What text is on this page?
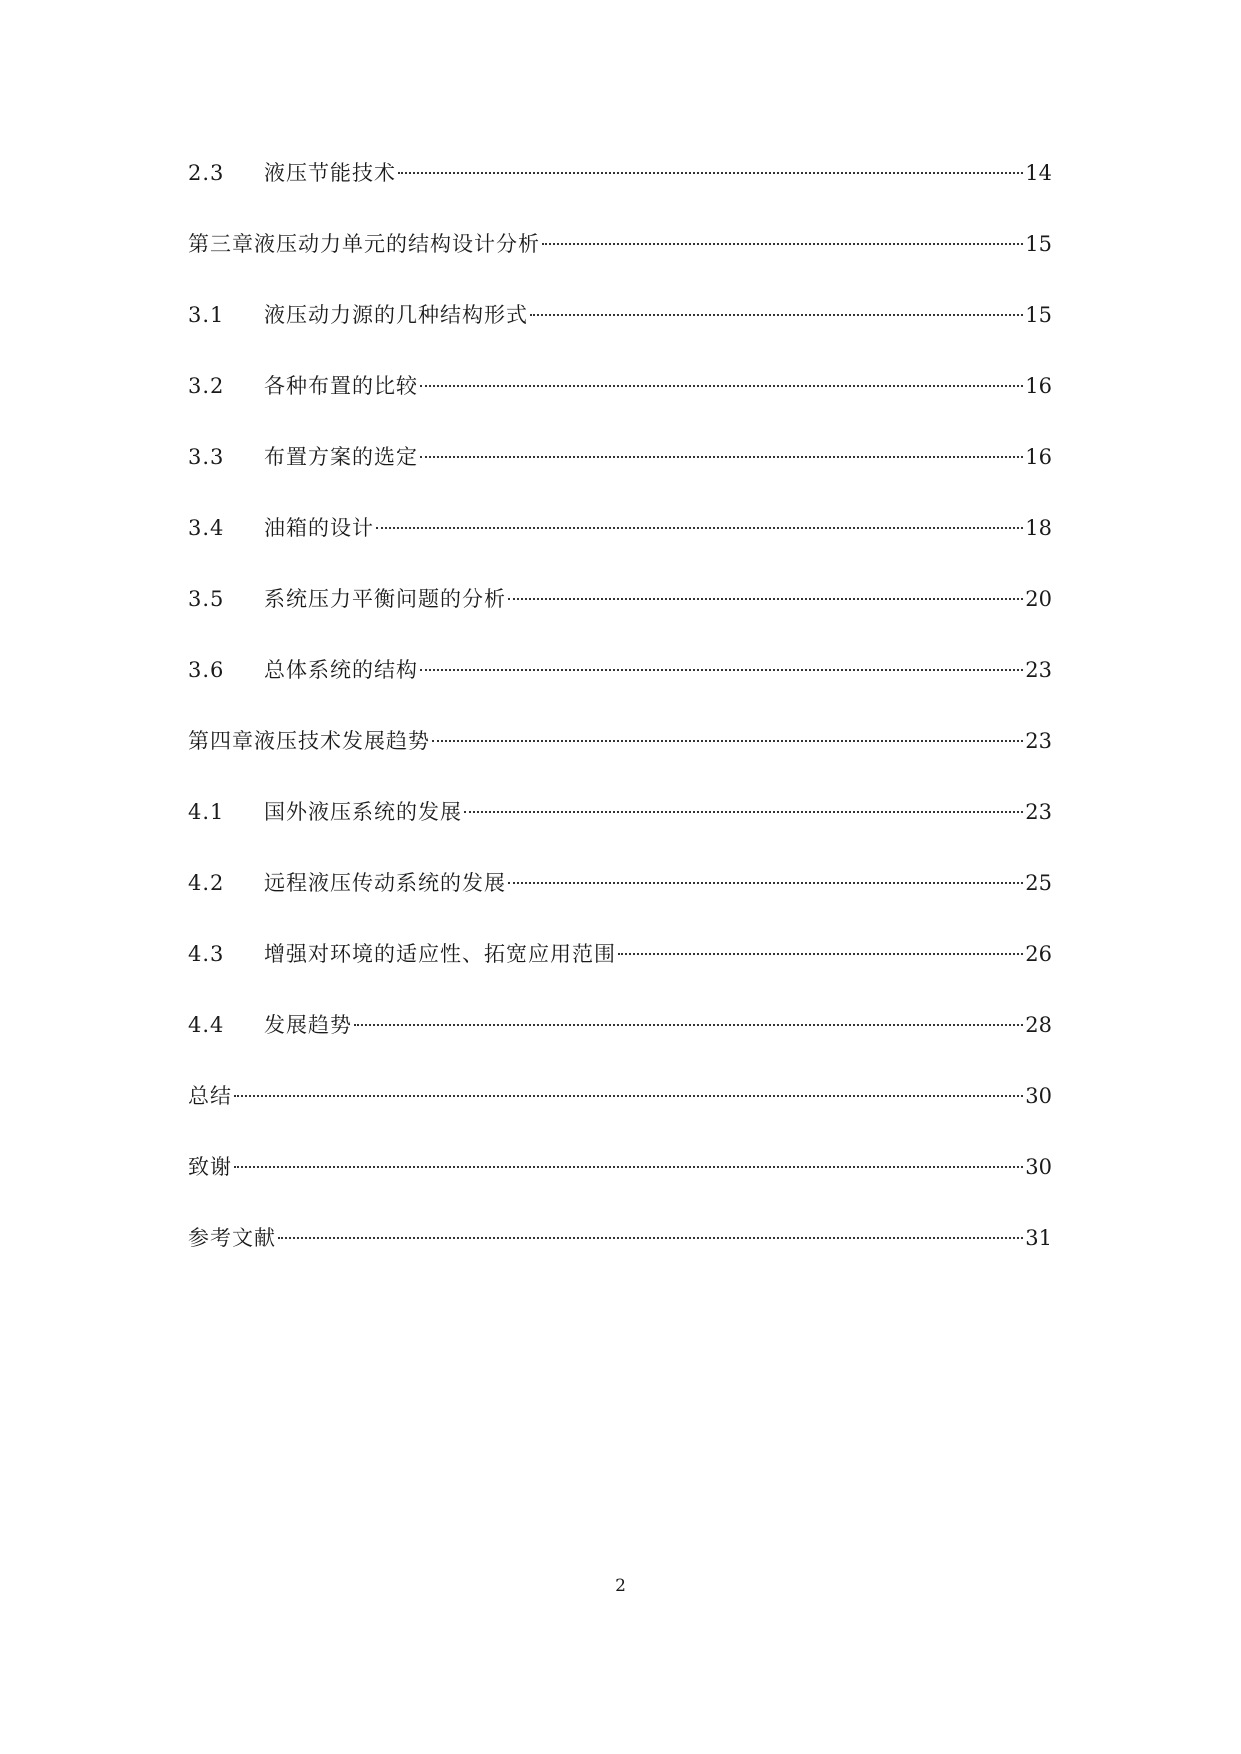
2.3	液压节能技术	14
第三章液压动力单元的结构设计分析	15
3.1	液压动力源的几种结构形式	15
3.2	各种布置的比较	16
3.3	布置方案的选定	16
3.4	油箱的设计	18
3.5	系统压力平衡问题的分析	20
3.6	总体系统的结构	23
第四章液压技术发展趋势	23
4.1	国外液压系统的发展	23
4.2	远程液压传动系统的发展	25
4.3	增强对环境的适应性、拓宽应用范围	26
4.4	发展趋势	28
总结	30
致谢	30
参考文献	31
2
